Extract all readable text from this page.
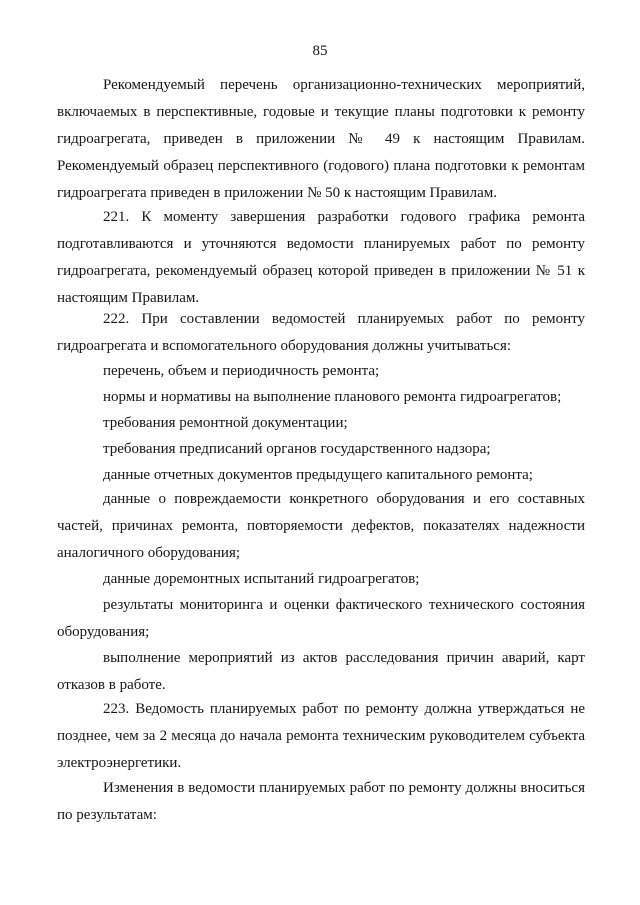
85

Рекомендуемый перечень организационно-технических мероприятий, включаемых в перспективные, годовые и текущие планы подготовки к ремонту гидроагрегата, приведен в приложении № 49 к настоящим Правилам. Рекомендуемый образец перспективного (годового) плана подготовки к ремонтам гидроагрегата приведен в приложении № 50 к настоящим Правилам.

221. К моменту завершения разработки годового графика ремонта подготавливаются и уточняются ведомости планируемых работ по ремонту гидроагрегата, рекомендуемый образец которой приведен в приложении № 51 к настоящим Правилам.

222. При составлении ведомостей планируемых работ по ремонту гидроагрегата и вспомогательного оборудования должны учитываться:

перечень, объем и периодичность ремонта;

нормы и нормативы на выполнение планового ремонта гидроагрегатов;

требования ремонтной документации;

требования предписаний органов государственного надзора;

данные отчетных документов предыдущего капитального ремонта;

данные о повреждаемости конкретного оборудования и его составных частей, причинах ремонта, повторяемости дефектов, показателях надежности аналогичного оборудования;

данные доремонтных испытаний гидроагрегатов;

результаты мониторинга и оценки фактического технического состояния оборудования;

выполнение мероприятий из актов расследования причин аварий, карт отказов в работе.

223. Ведомость планируемых работ по ремонту должна утверждаться не позднее, чем за 2 месяца до начала ремонта техническим руководителем субъекта электроэнергетики.

Изменения в ведомости планируемых работ по ремонту должны вноситься по результатам:
